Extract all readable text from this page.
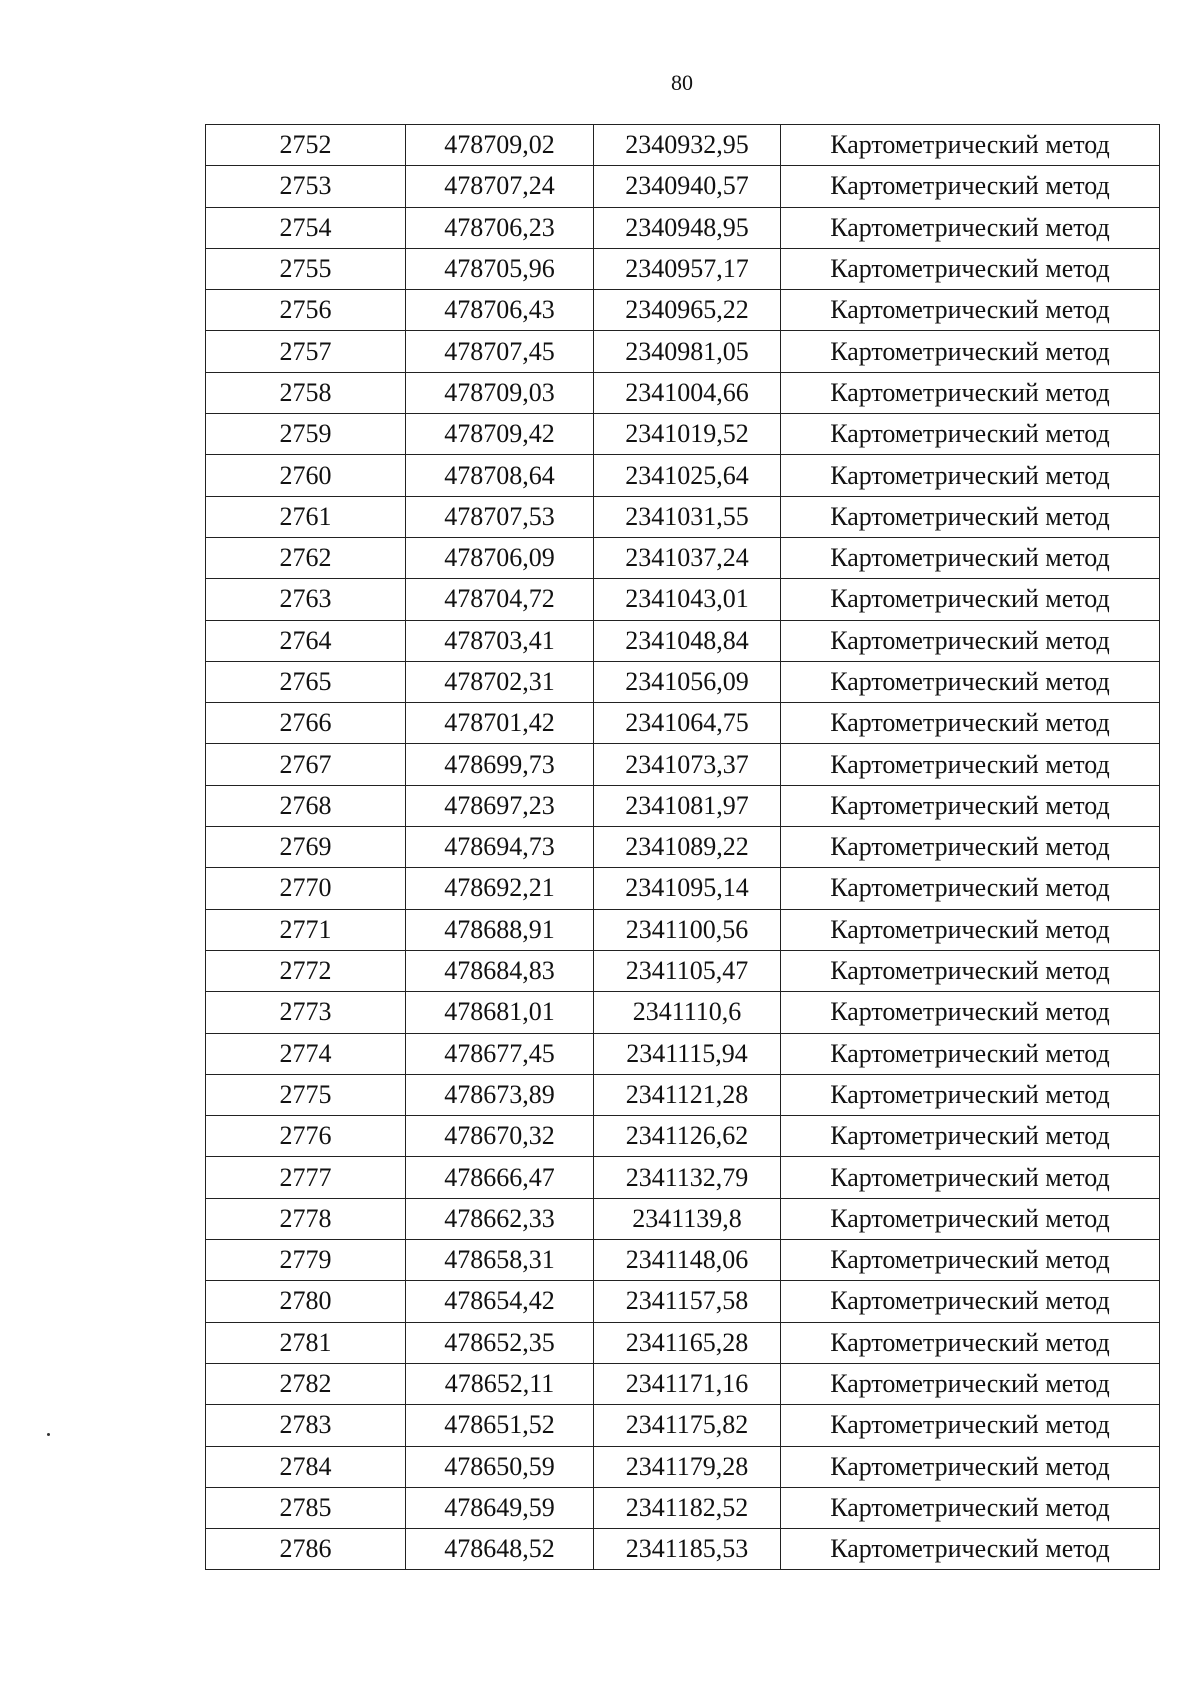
80
2752	478709,02	2340932,95	Картометрический метод
2753	478707,24	2340940,57	Картометрический метод
2754	478706,23	2340948,95	Картометрический метод
2755	478705,96	2340957,17	Картометрический метод
2756	478706,43	2340965,22	Картометрический метод
2757	478707,45	2340981,05	Картометрический метод
2758	478709,03	2341004,66	Картометрический метод
2759	478709,42	2341019,52	Картометрический метод
2760	478708,64	2341025,64	Картометрический метод
2761	478707,53	2341031,55	Картометрический метод
2762	478706,09	2341037,24	Картометрический метод
2763	478704,72	2341043,01	Картометрический метод
2764	478703,41	2341048,84	Картометрический метод
2765	478702,31	2341056,09	Картометрический метод
2766	478701,42	2341064,75	Картометрический метод
2767	478699,73	2341073,37	Картометрический метод
2768	478697,23	2341081,97	Картометрический метод
2769	478694,73	2341089,22	Картометрический метод
2770	478692,21	2341095,14	Картометрический метод
2771	478688,91	2341100,56	Картометрический метод
2772	478684,83	2341105,47	Картометрический метод
2773	478681,01	2341110,6	Картометрический метод
2774	478677,45	2341115,94	Картометрический метод
2775	478673,89	2341121,28	Картометрический метод
2776	478670,32	2341126,62	Картометрический метод
2777	478666,47	2341132,79	Картометрический метод
2778	478662,33	2341139,8	Картометрический метод
2779	478658,31	2341148,06	Картометрический метод
2780	478654,42	2341157,58	Картометрический метод
2781	478652,35	2341165,28	Картометрический метод
2782	478652,11	2341171,16	Картометрический метод
2783	478651,52	2341175,82	Картометрический метод
2784	478650,59	2341179,28	Картометрический метод
2785	478649,59	2341182,52	Картометрический метод
2786	478648,52	2341185,53	Картометрический метод
